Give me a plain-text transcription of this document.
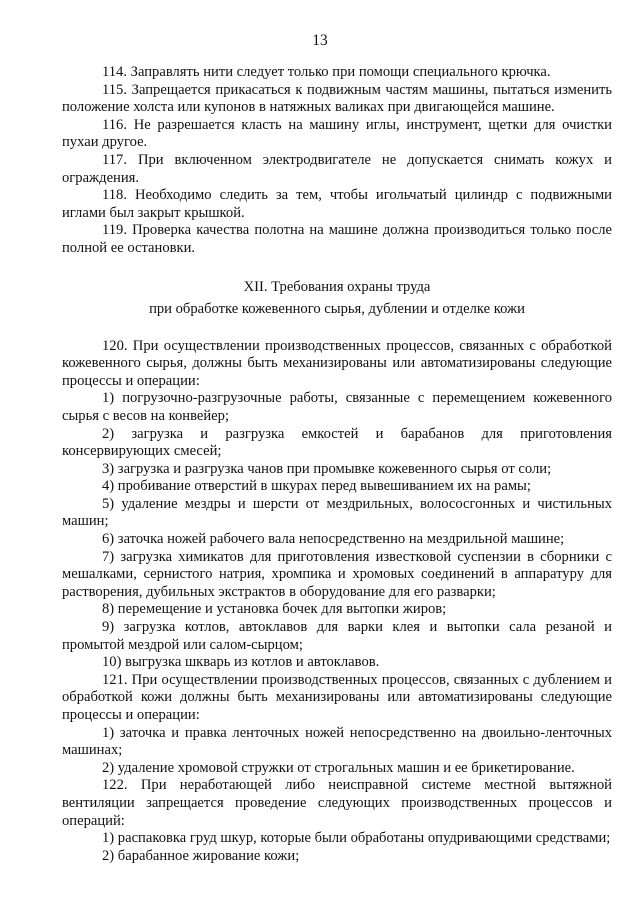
13

114. Заправлять нити следует только при помощи специального крючка.

115. Запрещается прикасаться к подвижным частям машины, пытаться изменить положение холста или купонов в натяжных валиках при двигающейся машине.

116. Не разрешается класть на машину иглы, инструмент, щетки для очистки пухаи другое.

117. При включенном электродвигателе не допускается снимать кожух и ограждения.

118. Необходимо следить за тем, чтобы игольчатый цилиндр с подвижными иглами был закрыт крышкой.

119. Проверка качества полотна на машине должна производиться только после полной ее остановки.

XII. Требования охраны труда
при обработке кожевенного сырья, дублении и отделке кожи

120. При осуществлении производственных процессов, связанных с обработкой кожевенного сырья, должны быть механизированы или автоматизированы следующие процессы и операции:

1) погрузочно-разгрузочные работы, связанные с перемещением кожевенного сырья с весов на конвейер;

2) загрузка и разгрузка емкостей и барабанов для приготовления консервирующих смесей;

3) загрузка и разгрузка чанов при промывке кожевенного сырья от соли;

4) пробивание отверстий в шкурах перед вывешиванием их на рамы;

5) удаление мездры и шерсти от мездрильных, волососгонных и чистильных машин;

6) заточка ножей рабочего вала непосредственно на мездрильной машине;

7) загрузка химикатов для приготовления известковой суспензии в сборники с мешалками, сернистого натрия, хромпика и хромовых соединений в аппаратуру для растворения, дубильных экстрактов в оборудование для его разварки;

8) перемещение и установка бочек для вытопки жиров;

9) загрузка котлов, автоклавов для варки клея и вытопки сала резаной и промытой мездрой или салом-сырцом;

10) выгрузка шкварь из котлов и автоклавов.

121. При осуществлении производственных процессов, связанных с дублением и обработкой кожи должны быть механизированы или автоматизированы следующие процессы и операции:

1) заточка и правка ленточных ножей непосредственно на двоильно-ленточных машинах;

2) удаление хромовой стружки от строгальных машин и ее брикетирование.

122. При неработающей либо неисправной системе местной вытяжной вентиляции запрещается проведение следующих производственных процессов и операций:

1) распаковка груд шкур, которые были обработаны опудривающими средствами;

2) барабанное жирование кожи;
